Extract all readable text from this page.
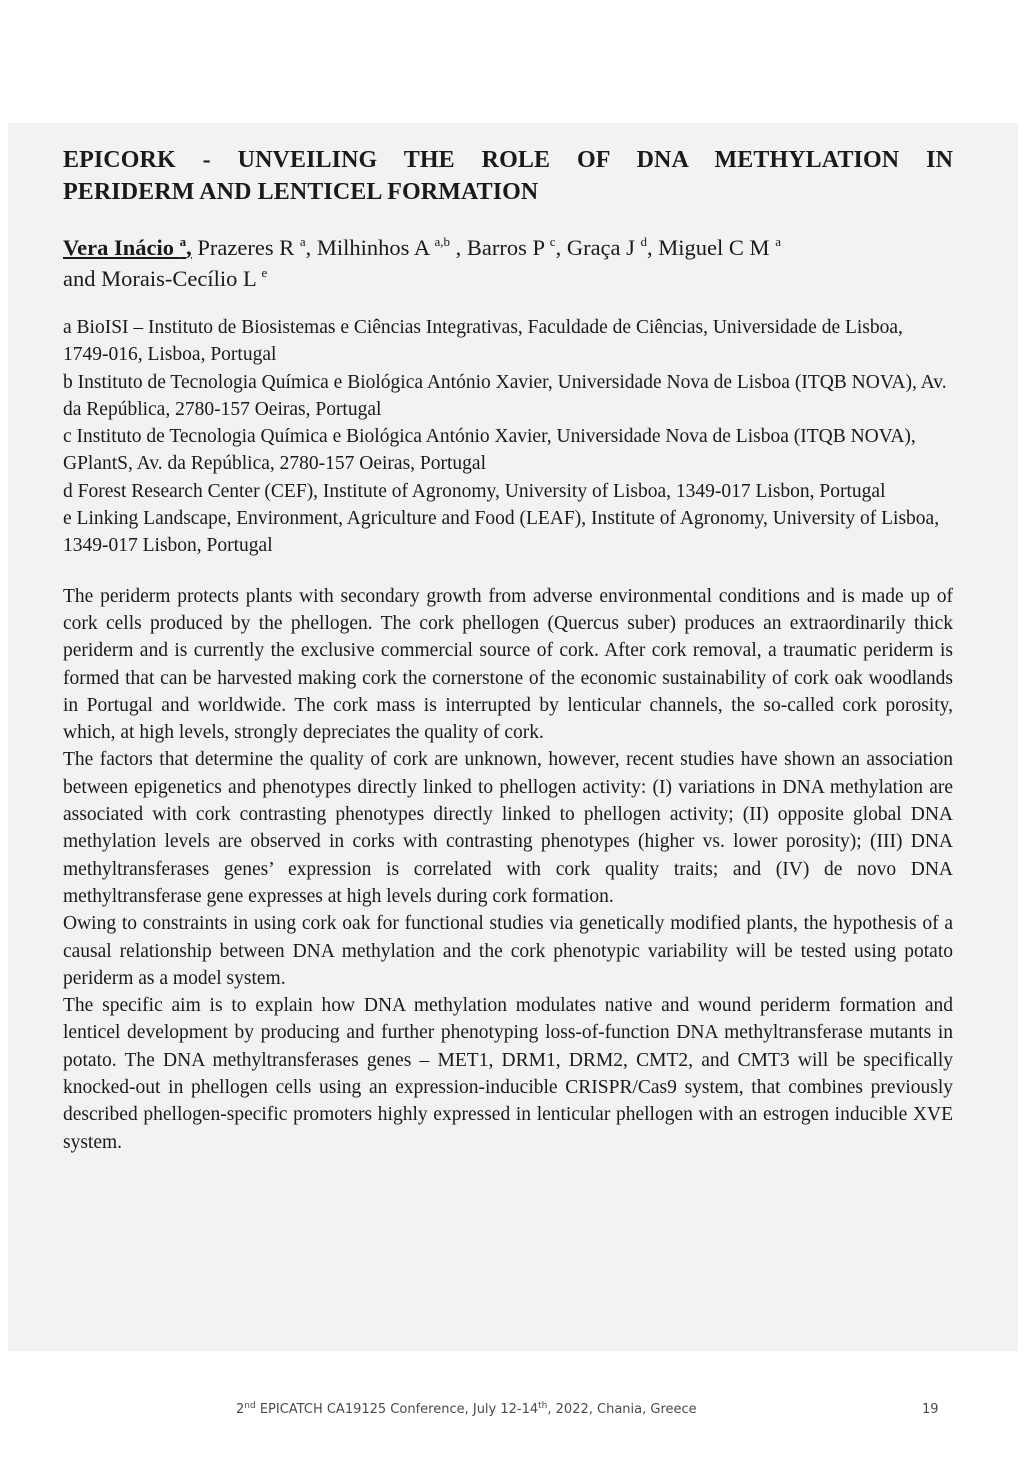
EPICORK - UNVEILING THE ROLE OF DNA METHYLATION IN
PERIDERM AND LENTICEL FORMATION
Vera Inácio $^a$, Prazeres R $^a$, Milhinhos A $^{a,b}$ , Barros P $^c$, Graça J $^d$, Miguel C M $^a$
and Morais-Cecílio L $^e$
a BioISI – Instituto de Biosistemas e Ciências Integrativas, Faculdade de Ciências, Universidade de Lisboa, 1749-016, Lisboa, Portugal
b Instituto de Tecnologia Química e Biológica António Xavier, Universidade Nova de Lisboa (ITQB NOVA), Av. da República, 2780-157 Oeiras, Portugal
c Instituto de Tecnologia Química e Biológica António Xavier, Universidade Nova de Lisboa (ITQB NOVA), GPlantS, Av. da República, 2780-157 Oeiras, Portugal
d Forest Research Center (CEF), Institute of Agronomy, University of Lisboa, 1349-017 Lisbon, Portugal
e Linking Landscape, Environment, Agriculture and Food (LEAF), Institute of Agronomy, University of Lisboa, 1349-017 Lisbon, Portugal

The periderm protects plants with secondary growth from adverse environmental conditions and is made up of cork cells produced by the phellogen. The cork phellogen (Quercus suber) produces an extraordinarily thick periderm and is currently the exclusive commercial source of cork. After cork removal, a traumatic periderm is formed that can be harvested making cork the cornerstone of the economic sustainability of cork oak woodlands in Portugal and worldwide. The cork mass is interrupted by lenticular channels, the so-called cork porosity, which, at high levels, strongly depreciates the quality of cork.

The factors that determine the quality of cork are unknown, however, recent studies have shown an association between epigenetics and phenotypes directly linked to phellogen activity: (I) variations in DNA methylation are associated with cork contrasting phenotypes directly linked to phellogen activity; (II) opposite global DNA methylation levels are observed in corks with contrasting phenotypes (higher vs. lower porosity); (III) DNA methyltransferases genes’ expression is correlated with cork quality traits; and (IV) de novo DNA methyltransferase gene expresses at high levels during cork formation.

Owing to constraints in using cork oak for functional studies via genetically modified plants, the hypothesis of a causal relationship between DNA methylation and the cork phenotypic variability will be tested using potato periderm as a model system.

The specific aim is to explain how DNA methylation modulates native and wound periderm formation and lenticel development by producing and further phenotyping loss-of-function DNA methyltransferase mutants in potato. The DNA methyltransferases genes – MET1, DRM1, DRM2, CMT2, and CMT3 will be specifically knocked-out in phellogen cells using an expression-inducible CRISPR/Cas9 system, that combines previously described phellogen-specific promoters highly expressed in lenticular phellogen with an estrogen inducible XVE system.

2nd EPICATCH CA19125 Conference, July 12-14th, 2022, Chania, Greece	19
